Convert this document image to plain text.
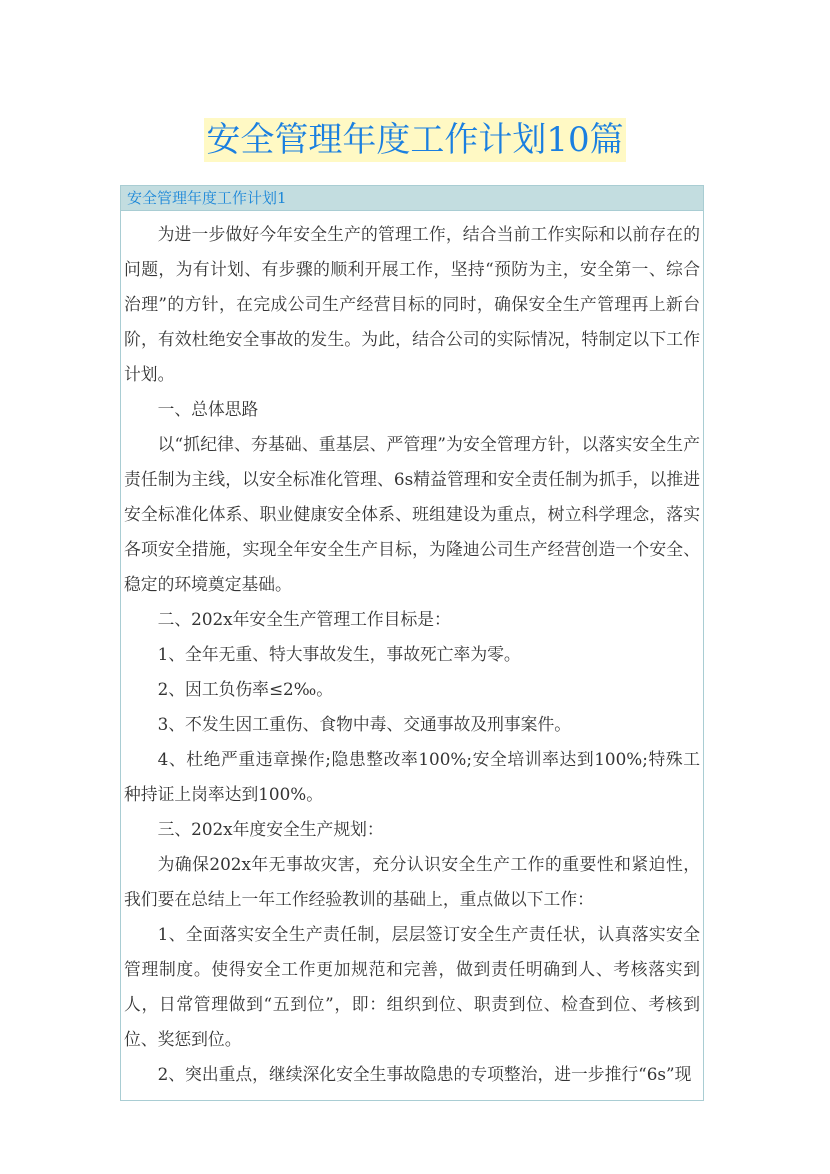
安全管理年度工作计划10篇
安全管理年度工作计划1

为进一步做好今年安全生产的管理工作，结合当前工作实际和以前存在的问题，为有计划、有步骤的顺利开展工作，坚持“预防为主，安全第一、综合治理”的方针，在完成公司生产经营目标的同时，确保安全生产管理再上新台阶，有效杜绝安全事故的发生。为此，结合公司的实际情况，特制定以下工作计划。

一、总体思路

以“抓纪律、夯基础、重基层、严管理”为安全管理方针，以落实安全生产责任制为主线，以安全标准化管理、6s精益管理和安全责任制为抓手，以推进安全标准化体系、职业健康安全体系、班组建设为重点，树立科学理念，落实各项安全措施，实现全年安全生产目标，为隆迪公司生产经营创造一个安全、稳定的环境奠定基础。

二、202x年安全生产管理工作目标是：

1、全年无重、特大事故发生，事故死亡率为零。

2、因工负伤率≤2‰。

3、不发生因工重伤、食物中毒、交通事故及刑事案件。

4、杜绝严重违章操作;隐患整改率100%;安全培训率达到100%;特殊工种持证上岗率达到100%。

三、202x年度安全生产规划：

为确保202x年无事故灾害，充分认识安全生产工作的重要性和紧迫性，我们要在总结上一年工作经验教训的基础上，重点做以下工作：

1、全面落实安全生产责任制，层层签订安全生产责任状，认真落实安全管理制度。使得安全工作更加规范和完善，做到责任明确到人、考核落实到人，日常管理做到“五到位”，即：组织到位、职责到位、检查到位、考核到位、奖惩到位。

2、突出重点，继续深化安全生事故隐患的专项整治，进一步推行“6s”现
